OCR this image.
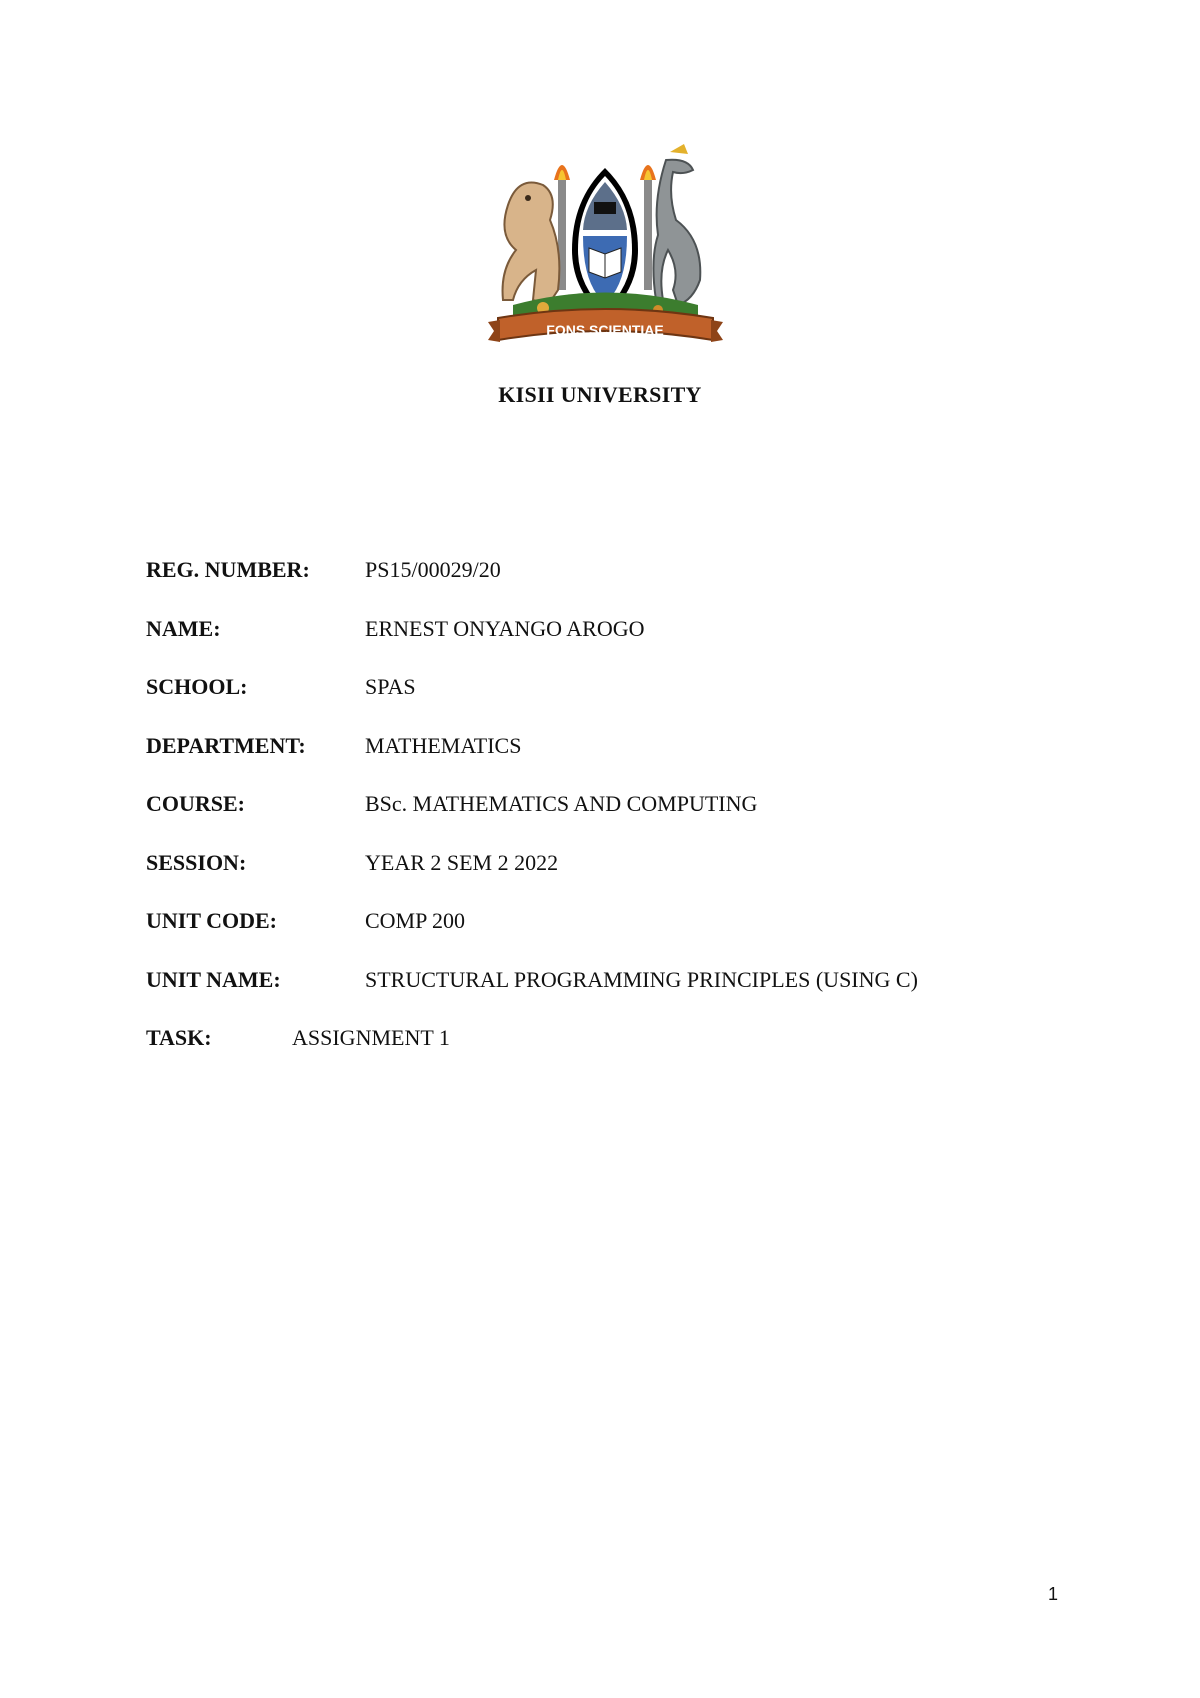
FONS SCIENTIAE
KISII UNIVERSITY
REG. NUMBER:	PS15/00029/20
NAME:	ERNEST ONYANGO AROGO
SCHOOL:	SPAS
DEPARTMENT:	MATHEMATICS
COURSE:	BSc. MATHEMATICS AND COMPUTING
SESSION:	YEAR 2 SEM 2 2022
UNIT CODE:	COMP 200
UNIT NAME:	STRUCTURAL PROGRAMMING PRINCIPLES (USING C)
TASK:	ASSIGNMENT 1
1
